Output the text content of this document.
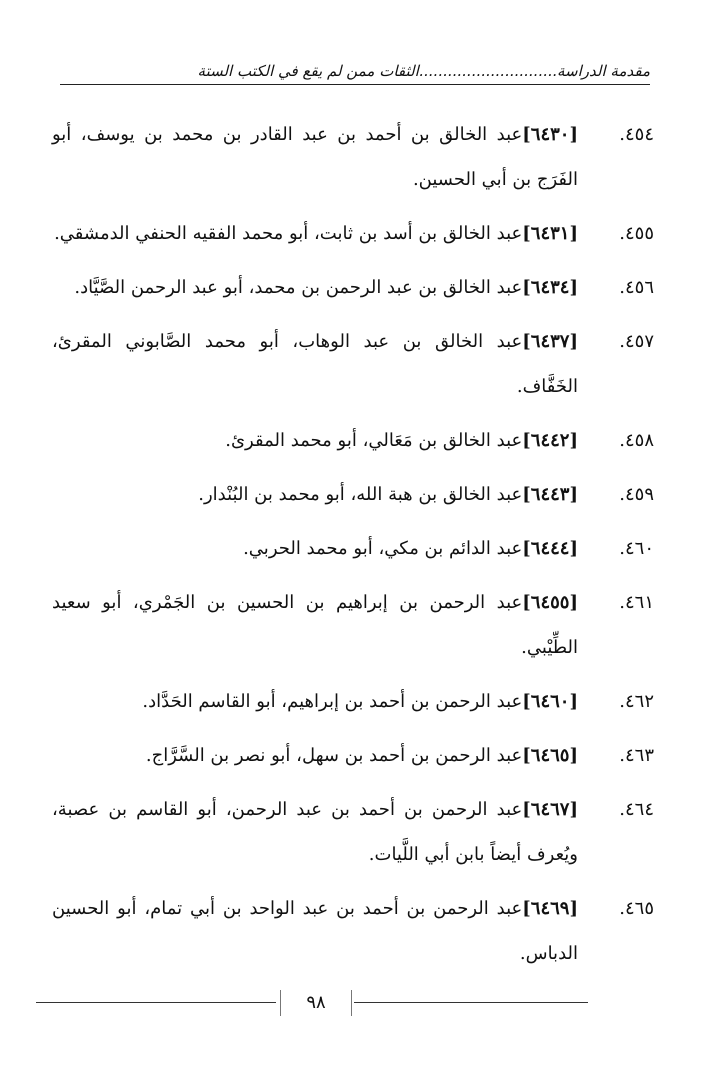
مقدمة الدراسة.............................الثقات ممن لم يقع في الكتب الستة
٤٥٤.
[٦٤٣٠]عبد الخالق بن أحمد بن عبد القادر بن محمد بن يوسف، أبو الفَرَج بن أبي الحسين.
٤٥٥.
[٦٤٣١]عبد الخالق بن أسد بن ثابت، أبو محمد الفقيه الحنفي الدمشقي.
٤٥٦.
[٦٤٣٤]عبد الخالق بن عبد الرحمن بن محمد، أبو عبد الرحمن الصَّيَّاد.
٤٥٧.
[٦٤٣٧]عبد الخالق بن عبد الوهاب، أبو محمد الصَّابوني المقرئ، الخَفَّاف.
٤٥٨.
[٦٤٤٢]عبد الخالق بن مَعَالي، أبو محمد المقرئ.
٤٥٩.
[٦٤٤٣]عبد الخالق بن هبة الله، أبو محمد بن البُنْدار.
٤٦٠.
[٦٤٤٤]عبد الدائم بن مكي، أبو محمد الحربي.
٤٦١.
[٦٤٥٥]عبد الرحمن بن إبراهيم بن الحسين بن الجَمْري، أبو سعيد الطِّيْبي.
٤٦٢.
[٦٤٦٠]عبد الرحمن بن أحمد بن إبراهيم، أبو القاسم الحَدَّاد.
٤٦٣.
[٦٤٦٥]عبد الرحمن بن أحمد بن سهل، أبو نصر بن السَّرَّاج.
٤٦٤.
[٦٤٦٧]عبد الرحمن بن أحمد بن عبد الرحمن، أبو القاسم بن عصبة، ويُعرف أيضاً بابن أبي اللَّيات.
٤٦٥.
[٦٤٦٩]عبد الرحمن بن أحمد بن عبد الواحد بن أبي تمام، أبو الحسين الدباس.
٩٨
